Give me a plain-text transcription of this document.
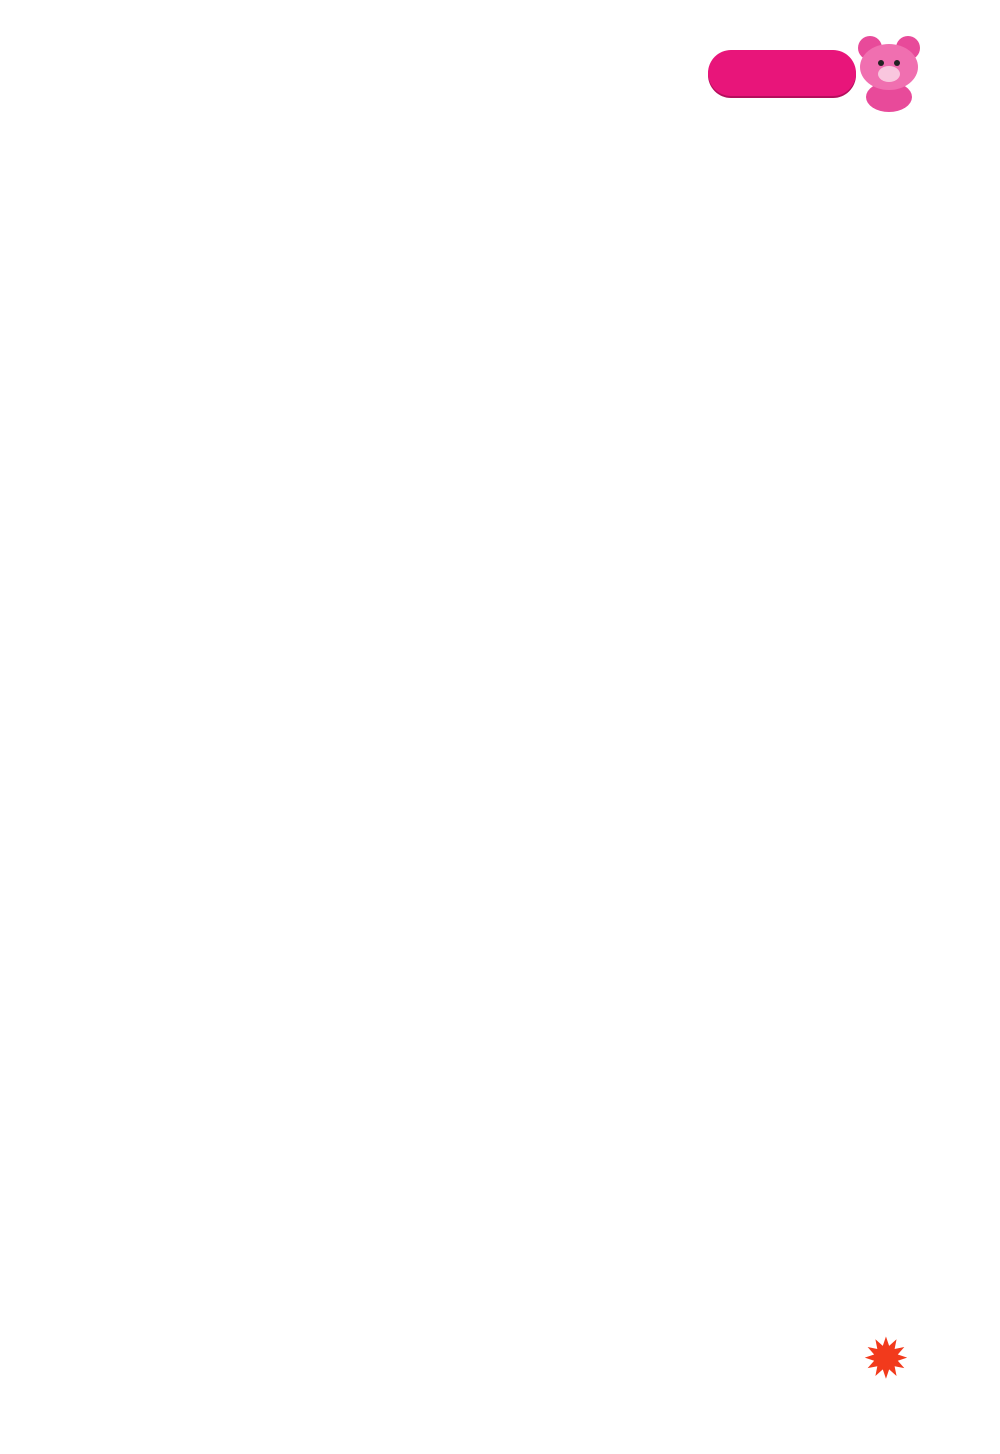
✹
